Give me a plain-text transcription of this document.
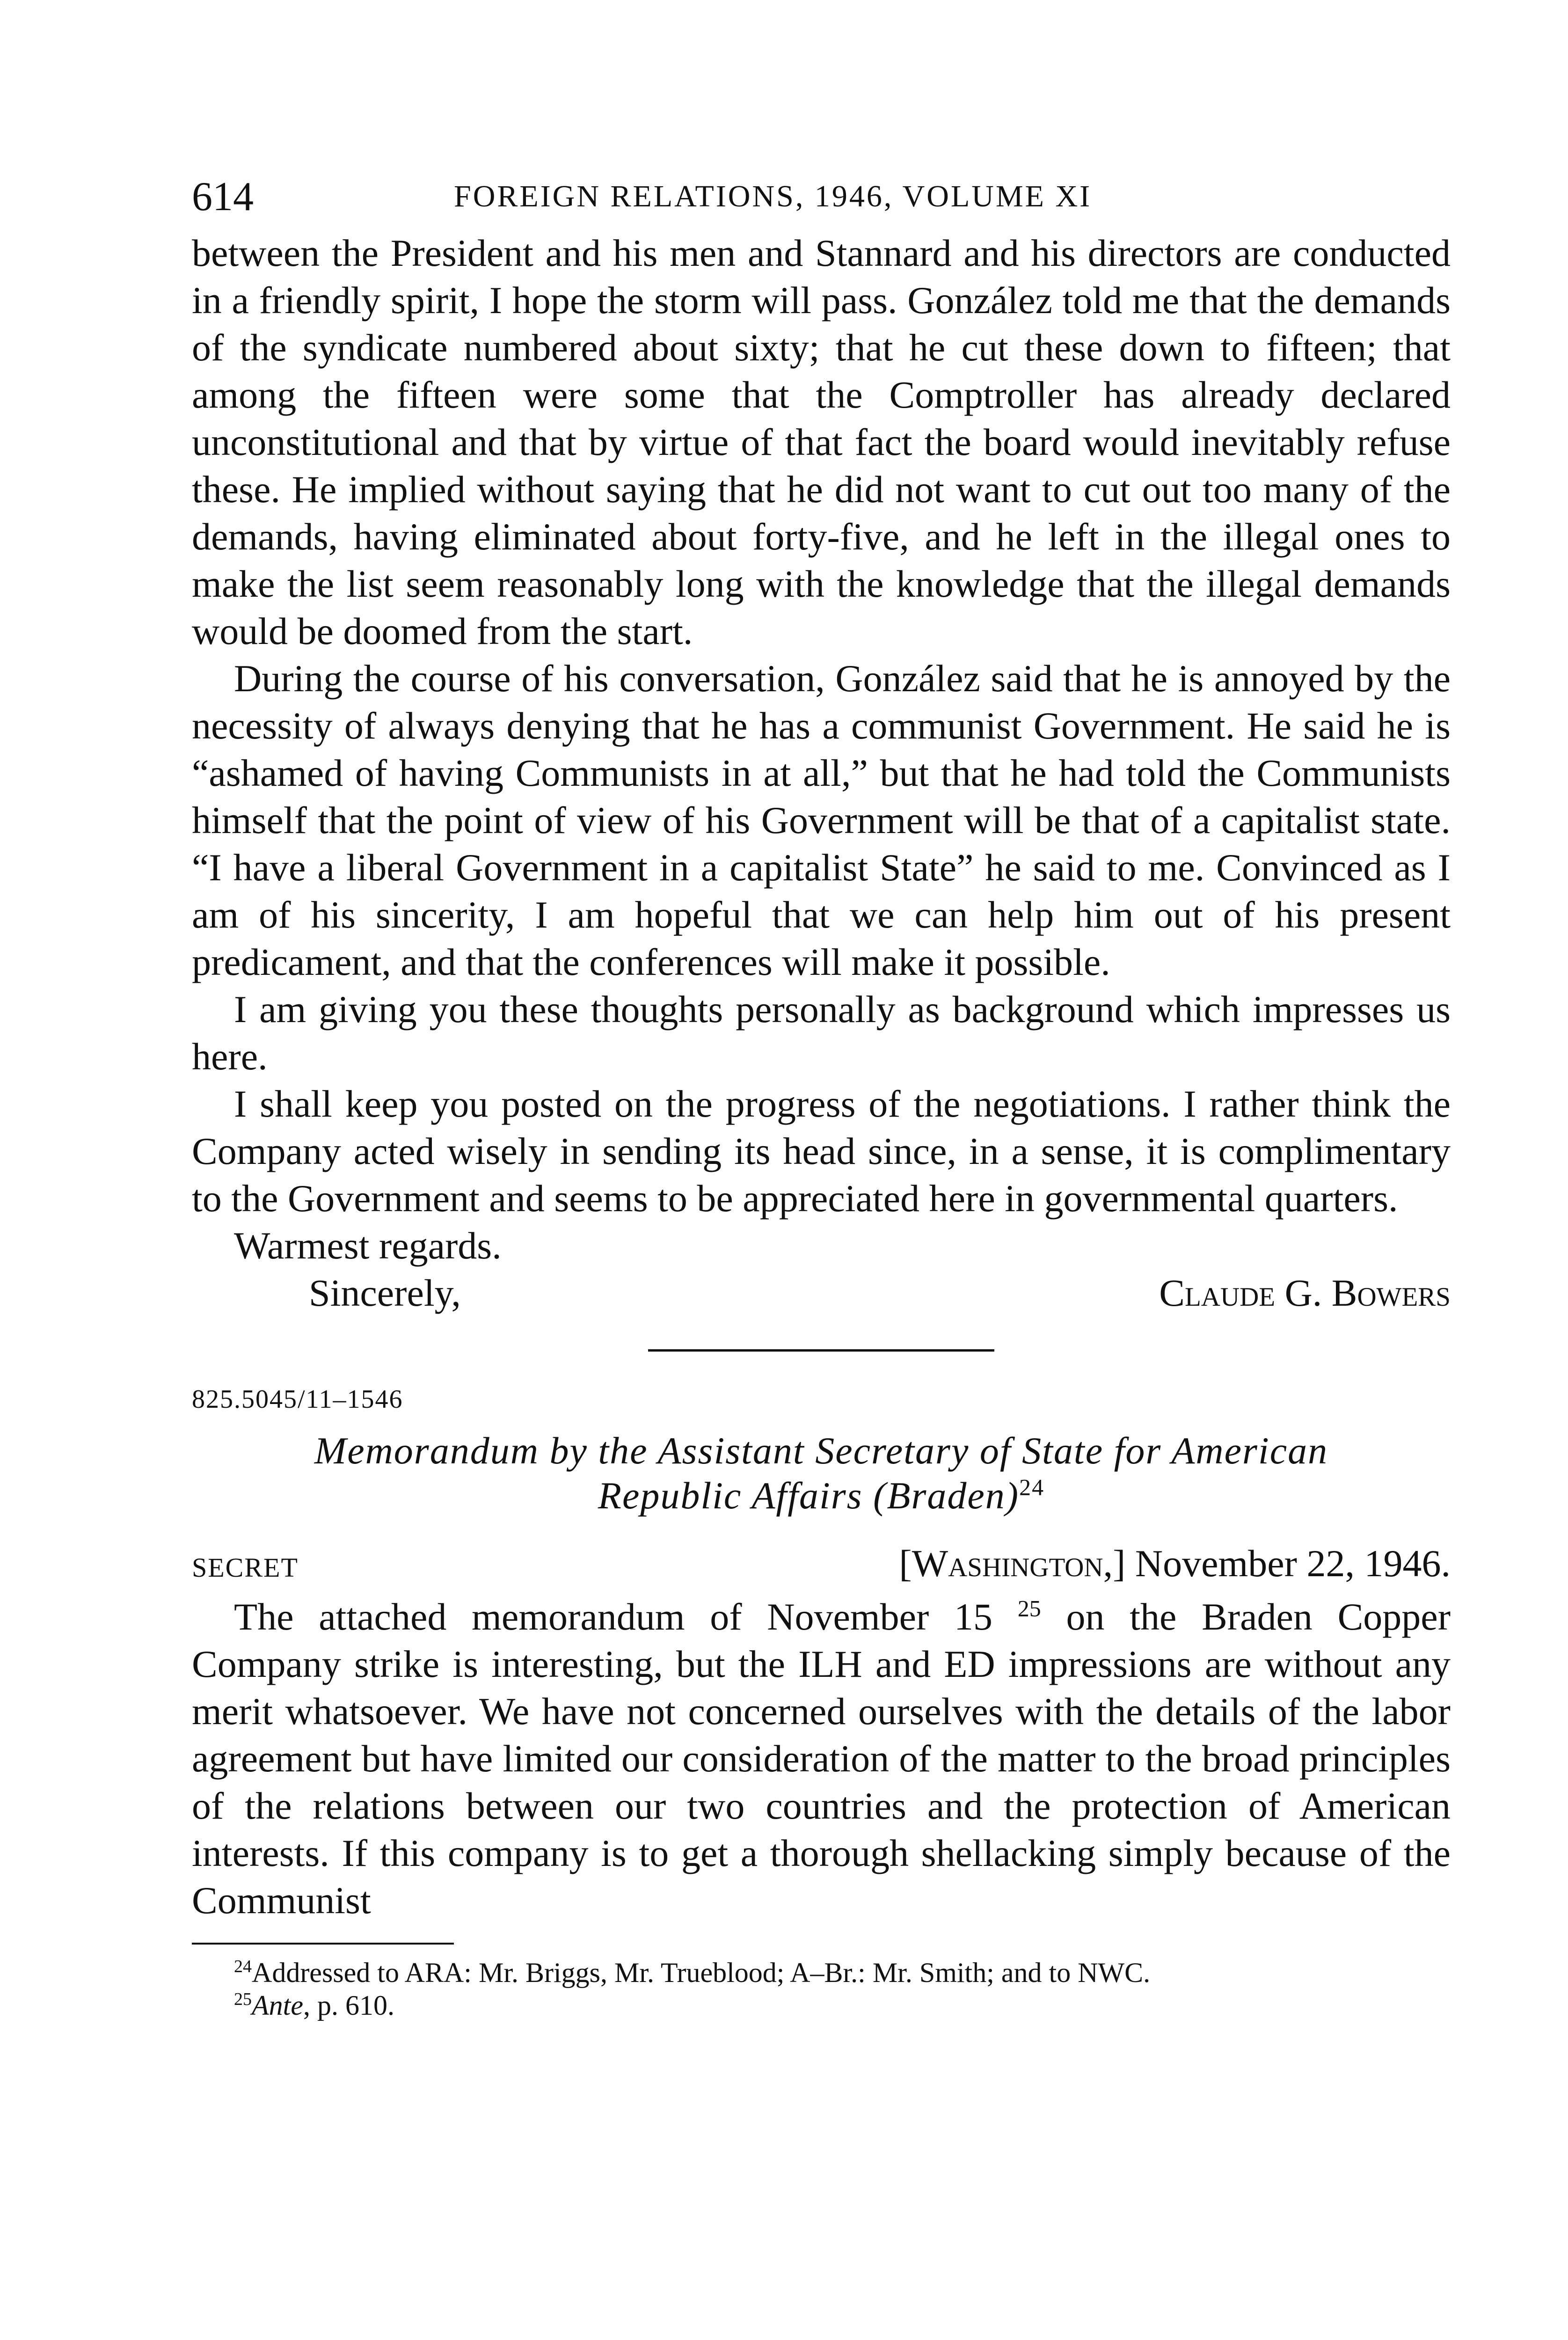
614	FOREIGN RELATIONS, 1946, VOLUME XI

between the President and his men and Stannard and his directors are conducted in a friendly spirit, I hope the storm will pass. González told me that the demands of the syndicate numbered about sixty; that he cut these down to fifteen; that among the fifteen were some that the Comptroller has already declared unconstitutional and that by virtue of that fact the board would inevitably refuse these. He implied without saying that he did not want to cut out too many of the demands, having eliminated about forty-five, and he left in the illegal ones to make the list seem reasonably long with the knowledge that the illegal demands would be doomed from the start.

During the course of his conversation, González said that he is annoyed by the necessity of always denying that he has a communist Government. He said he is “ashamed of having Communists in at all,” but that he had told the Communists himself that the point of view of his Government will be that of a capitalist state. “I have a liberal Government in a capitalist State” he said to me. Convinced as I am of his sincerity, I am hopeful that we can help him out of his present predicament, and that the conferences will make it possible.

I am giving you these thoughts personally as background which impresses us here.

I shall keep you posted on the progress of the negotiations. I rather think the Company acted wisely in sending its head since, in a sense, it is complimentary to the Government and seems to be appreciated here in governmental quarters.

Warmest regards.

Sincerely,	Claude G. Bowers
825.5045/11–1546
Memorandum by the Assistant Secretary of State for American
Republic Affairs (Braden)$^{24}$
SECRET	[Washington,] November 22, 1946.

The attached memorandum of November 15 $^{25}$ on the Braden Copper Company strike is interesting, but the ILH and ED impressions are without any merit whatsoever. We have not concerned ourselves with the details of the labor agreement but have limited our consideration of the matter to the broad principles of the relations between our two countries and the protection of American interests. If this company is to get a thorough shellacking simply because of the Communist

$^{24}$Addressed to ARA: Mr. Briggs, Mr. Trueblood; A–Br.: Mr. Smith; and to NWC.

$^{25}$Ante, p. 610.
